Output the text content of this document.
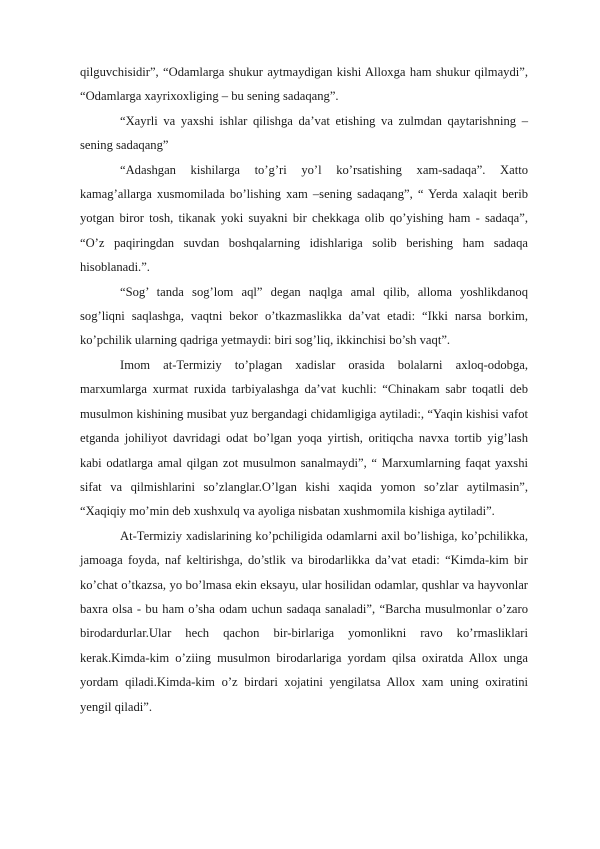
qilguvchisidir”, “Odamlarga shukur aytmaydigan kishi Alloxga ham shukur qilmaydi”, “Odamlarga xayrixoxliging – bu sening sadaqang”.

“Xayrli va yaxshi ishlar qilishga da’vat etishing va zulmdan qaytarishning –sening sadaqang”

“Adashgan kishilarga to’g’ri yo’l ko’rsatishing xam-sadaqa”. Xatto kamag’allarga xusmomilada bo’lishing xam –sening sadaqang”, “ Yerda xalaqit berib yotgan biror tosh, tikanak yoki suyakni bir chekkaga olib qo’yishing ham - sadaqa”, “O’z paqiringdan suvdan boshqalarning idishlariga solib berishing ham sadaqa hisoblanadi.”.

“Sog’ tanda sog’lom aql” degan naqlga amal qilib, alloma yoshlikdanoq sog’liqni saqlashga, vaqtni bekor o’tkazmaslikka da’vat etadi: “Ikki narsa borkim, ko’pchilik ularning qadriga yetmaydi: biri sog’liq, ikkinchisi bo’sh vaqt”.

Imom at-Termiziy to’plagan xadislar orasida bolalarni axloq-odobga, marxumlarga xurmat ruxida tarbiyalashga da’vat kuchli: “Chinakam sabr toqatli deb musulmon kishining musibat yuz bergandagi chidamligiga aytiladi:, “Yaqin kishisi vafot etganda johiliyot davridagi odat bo’lgan yoqa yirtish, oritiqcha navxa tortib yig’lash kabi odatlarga amal qilgan zot musulmon sanalmaydi”, “ Marxumlarning faqat yaxshi sifat va qilmishlarini so’zlanglar.O’lgan kishi xaqida yomon so’zlar aytilmasin”, “Xaqiqiy mo’min deb xushxulq va ayoliga nisbatan xushmomila kishiga aytiladi”.

At-Termiziy xadislarining ko’pchiligida odamlarni axil bo’lishiga, ko’pchilikka, jamoaga foyda, naf keltirishga, do’stlik va birodarlikka da’vat etadi: “Kimda-kim bir ko’chat o’tkazsa, yo bo’lmasa ekin eksayu, ular hosilidan odamlar, qushlar va hayvonlar baxra olsa - bu ham o’sha odam uchun sadaqa sanaladi”, “Barcha musulmonlar o’zaro birodardurlar.Ular hech qachon bir-birlariga yomonlikni ravo ko’rmasliklari kerak.Kimda-kim o’ziing musulmon birodarlariga yordam qilsa oxiratda Allox unga yordam qiladi.Kimda-kim o’z birdari xojatini yengilatsa Allox xam uning oxiratini yengil qiladi”.
